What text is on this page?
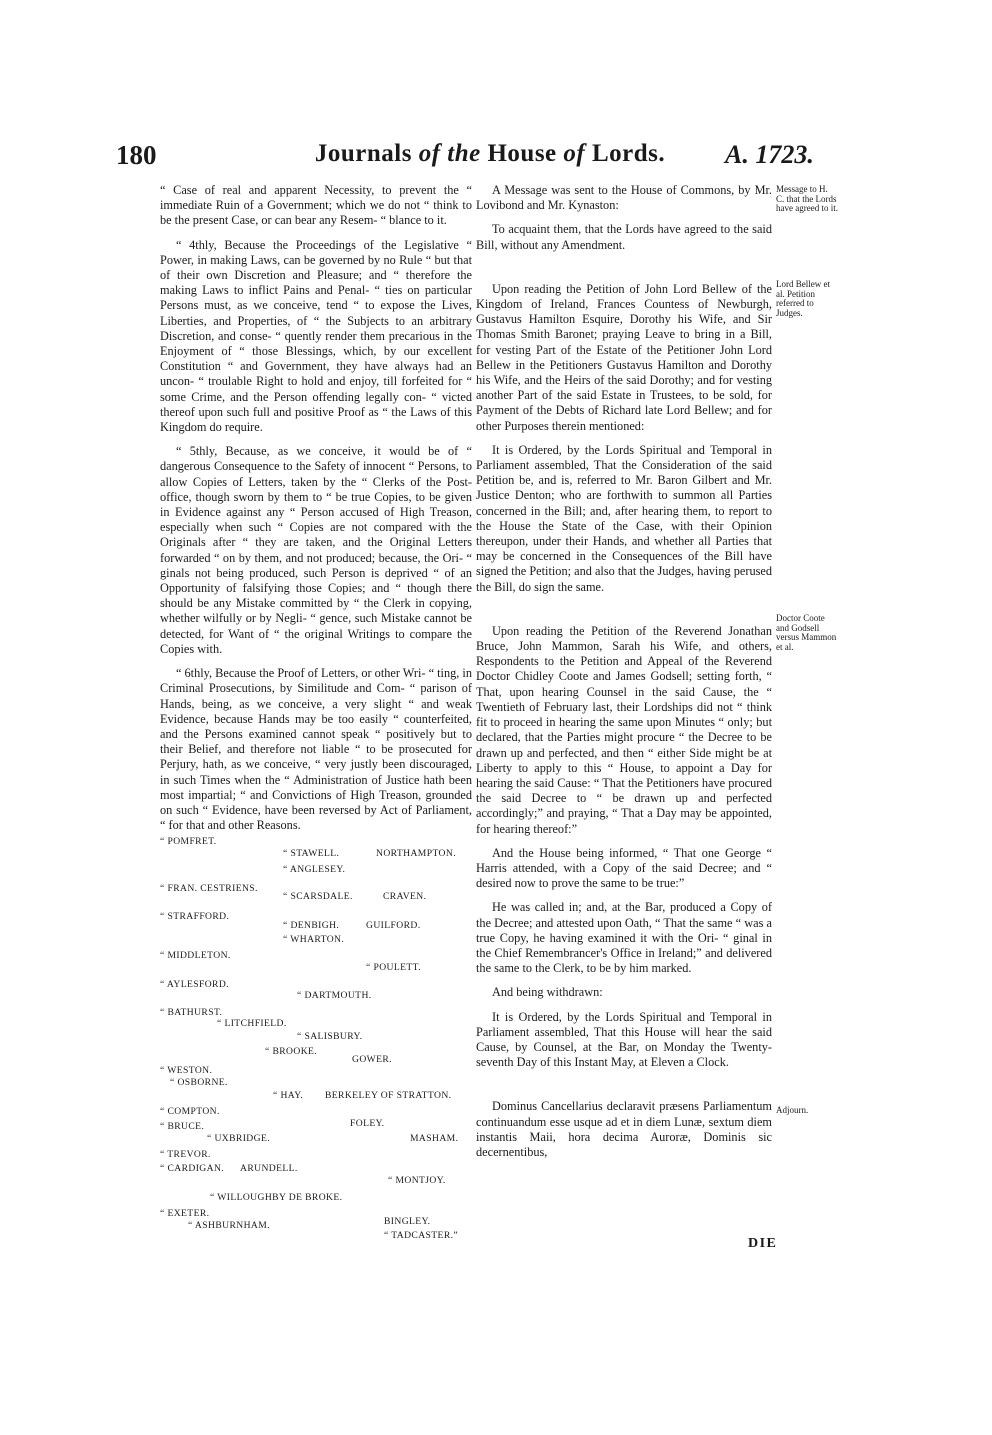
180	Journals of the House of Lords.	A. 1723.

“ Case of real and apparent Necessity, to prevent the “ immediate Ruin of a Government; which we do not “ think to be the present Case, or can bear any Resem- “ blance to it.

“ 4thly, Because the Proceedings of the Legislative “ Power, in making Laws, can be governed by no Rule “ but that of their own Discretion and Pleasure; and “ therefore the making Laws to inflict Pains and Penal- “ ties on particular Persons must, as we conceive, tend “ to expose the Lives, Liberties, and Properties, of “ the Subjects to an arbitrary Discretion, and conse- “ quently render them precarious in the Enjoyment of “ those Blessings, which, by our excellent Constitution “ and Government, they have always had an uncon- “ troulable Right to hold and enjoy, till forfeited for “ some Crime, and the Person offending legally con- “ victed thereof upon such full and positive Proof as “ the Laws of this Kingdom do require.

“ 5thly, Because, as we conceive, it would be of “ dangerous Consequence to the Safety of innocent “ Persons, to allow Copies of Letters, taken by the “ Clerks of the Post-office, though sworn by them to “ be true Copies, to be given in Evidence against any “ Person accused of High Treason, especially when such “ Copies are not compared with the Originals after “ they are taken, and the Original Letters forwarded “ on by them, and not produced; because, the Ori- “ ginals not being produced, such Person is deprived “ of an Opportunity of falsifying those Copies; and “ though there should be any Mistake committed by “ the Clerk in copying, whether wilfully or by Negli- “ gence, such Mistake cannot be detected, for Want of “ the original Writings to compare the Copies with.

“ 6thly, Because the Proof of Letters, or other Wri- “ ting, in Criminal Prosecutions, by Similitude and Com- “ parison of Hands, being, as we conceive, a very slight “ and weak Evidence, because Hands may be too easily “ counterfeited, and the Persons examined cannot speak “ positively but to their Belief, and therefore not liable “ to be prosecuted for Perjury, hath, as we conceive, “ very justly been discouraged, in such Times when the “ Administration of Justice hath been most impartial; “ and Convictions of High Treason, grounded on such “ Evidence, have been reversed by Act of Parliament, “ for that and other Reasons.

“ POMFRET.
“ STAWELL.	NORTHAMPTON.
“ ANGLESEY.
“ FRAN. CESTRIENS.
“ SCARSDALE.	CRAVEN.
“ STRAFFORD.
“ DENBIGH.	GUILFORD.
“ WHARTON.
“ MIDDLETON.
“ POULETT.
“ AYLESFORD.
“ DARTMOUTH.
“ BATHURST.
“ LITCHFIELD.
“ SALISBURY.
“ BROOKE.
GOWER.
“ WESTON.
“ OSBORNE.
“ HAY. BERKELEY OF STRATTON.
“ COMPTON.
“ BRUCE.	FOLEY.
“ UXBRIDGE.	MASHAM.
“ TREVOR.
“ CARDIGAN. ARUNDELL.
“ MONTJOY.
“ WILLOUGHBY DE BROKE.
“ EXETER.
“ ASHBURNHAM.	BINGLEY.
“ TADCASTER.”

A Message was sent to the House of Commons, by Mr. Lovibond and Mr. Kynaston:

To acquaint them, that the Lords have agreed to the said Bill, without any Amendment.

Upon reading the Petition of John Lord Bellew of the Kingdom of Ireland, Frances Countess of Newburgh, Gustavus Hamilton Esquire, Dorothy his Wife, and Sir Thomas Smith Baronet; praying Leave to bring in a Bill, for vesting Part of the Estate of the Petitioner John Lord Bellew in the Petitioners Gustavus Hamilton and Dorothy his Wife, and the Heirs of the said Dorothy; and for vesting another Part of the said Estate in Trustees, to be sold, for Payment of the Debts of Richard late Lord Bellew; and for other Purposes therein mentioned:

It is Ordered, by the Lords Spiritual and Temporal in Parliament assembled, That the Consideration of the said Petition be, and is, referred to Mr. Baron Gilbert and Mr. Justice Denton; who are forthwith to summon all Parties concerned in the Bill; and, after hearing them, to report to the House the State of the Case, with their Opinion thereupon, under their Hands, and whether all Parties that may be concerned in the Consequences of the Bill have signed the Petition; and also that the Judges, having perused the Bill, do sign the same.

Upon reading the Petition of the Reverend Jonathan Bruce, John Mammon, Sarah his Wife, and others, Respondents to the Petition and Appeal of the Reverend Doctor Chidley Coote and James Godsell; setting forth, “ That, upon hearing Counsel in the said Cause, the “ Twentieth of February last, their Lordships did not “ think fit to proceed in hearing the same upon Minutes “ only; but declared, that the Parties might procure “ the Decree to be drawn up and perfected, and then “ either Side might be at Liberty to apply to this “ House, to appoint a Day for hearing the said Cause: “ That the Petitioners have procured the said Decree to “ be drawn up and perfected accordingly;” and praying, “ That a Day may be appointed, for hearing thereof:”

And the House being informed, “ That one George “ Harris attended, with a Copy of the said Decree; and “ desired now to prove the same to be true:”

He was called in; and, at the Bar, produced a Copy of the Decree; and attested upon Oath, “ That the same “ was a true Copy, he having examined it with the Ori- “ ginal in the Chief Remembrancer's Office in Ireland;” and delivered the same to the Clerk, to be by him marked.

And being withdrawn:

It is Ordered, by the Lords Spiritual and Temporal in Parliament assembled, That this House will hear the said Cause, by Counsel, at the Bar, on Monday the Twenty-seventh Day of this Instant May, at Eleven a Clock.

Dominus Cancellarius declaravit præsens Parliamentum continuandum esse usque ad et in diem Lunæ, sextum diem instantis Maii, hora decima Auroræ, Dominis sic decernentibus,

Message to H. C. that the Lords have agreed to it.
Lord Bellew et al. Petition referred to Judges.
Doctor Coote and Godsell versus Mammon et al.
Adjourn.
DIE
